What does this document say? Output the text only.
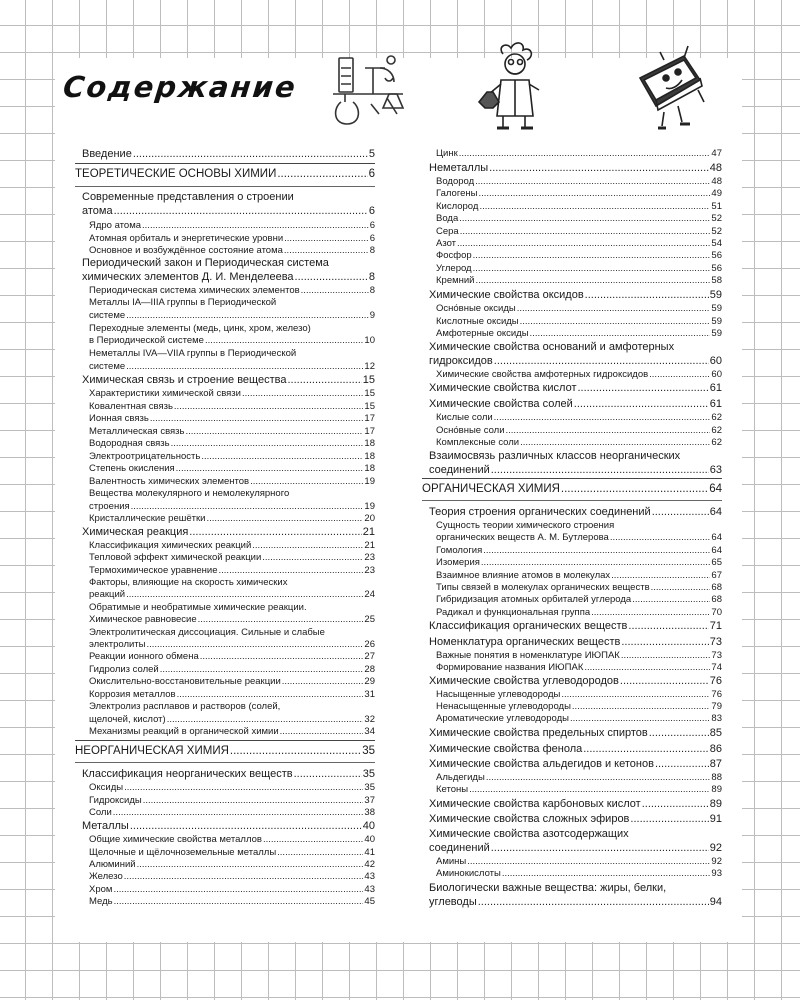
Содержание
Введение .....	5
ТЕОРЕТИЧЕСКИЕ ОСНОВЫ ХИМИИ .....	6
Современные представления о строении
атома .....	6
Ядро атома .....	6
Атомная орбиталь и энергетические уровни .....	6
Основное и возбуждённое состояние атома .....	8
Периодический закон и Периодическая система
химических элементов Д. И. Менделеева .....	8
Периодическая система химических элементов .....	8
Металлы IA—IIIA группы в Периодической
системе .....	9
Переходные элементы (медь, цинк, хром, железо)
в Периодической системе .....	10
Неметаллы IVA—VIIA группы в Периодической
системе .....	12
Химическая связь и строение вещества .....	15
Характеристики химической связи .....	15
Ковалентная связь .....	15
Ионная связь .....	17
Металлическая связь .....	17
Водородная связь .....	18
Электроотрицательность .....	18
Степень окисления .....	18
Валентность химических элементов .....	19
Вещества молекулярного и немолекулярного
строения .....	19
Кристаллические решётки .....	20
Химическая реакция .....	21
Классификация химических реакций .....	21
Тепловой эффект химической реакции .....	23
Термохимическое уравнение .....	23
Факторы, влияющие на скорость химических
реакций .....	24
Обратимые и необратимые химические реакции.
Химическое равновесие .....	25
Электролитическая диссоциация. Сильные и слабые
электролиты .....	26
Реакции ионного обмена .....	27
Гидролиз солей .....	28
Окислительно-восстановительные реакции .....	29
Коррозия металлов .....	31
Электролиз расплавов и растворов (солей,
щелочей, кислот) .....	32
Механизмы реакций в органической химии .....	34
НЕОРГАНИЧЕСКАЯ ХИМИЯ .....	35
Классификация неорганических веществ .....	35
Оксиды .....	35
Гидроксиды .....	37
Соли .....	38
Металлы .....	40
Общие химические свойства металлов .....	40
Щелочные и щёлочноземельные металлы .....	41
Алюминий .....	42
Железо .....	43
Хром .....	43
Медь .....	45
Цинк .....	47
Неметаллы .....	48
Водород .....	48
Галогены .....	49
Кислород .....	51
Вода .....	52
Сера .....	52
Азот .....	54
Фосфор .....	56
Углерод .....	56
Кремний .....	58
Химические свойства оксидов .....	59
Осно́вные оксиды .....	59
Кислотные оксиды .....	59
Амфотерные оксиды .....	59
Химические свойства оснований и амфотерных
гидроксидов .....	60
Химические свойства амфотерных гидроксидов .....	60
Химические свойства кислот .....	61
Химические свойства солей .....	61
Кислые соли .....	62
Осно́вные соли .....	62
Комплексные соли .....	62
Взаимосвязь различных классов неорганических
соединений .....	63
ОРГАНИЧЕСКАЯ ХИМИЯ .....	64
Теория строения органических соединений .....	64
Сущность теории химического строения
органических веществ А. М. Бутлерова .....	64
Гомология .....	64
Изомерия .....	65
Взаимное влияние атомов в молекулах .....	67
Типы связей в молекулах органических веществ .....	68
Гибридизация атомных орбиталей углерода .....	68
Радикал и функциональная группа .....	70
Классификация органических веществ .....	71
Номенклатура органических веществ .....	73
Важные понятия в номенклатуре ИЮПАК .....	73
Формирование названия ИЮПАК .....	74
Химические свойства углеводородов .....	76
Насыщенные углеводороды .....	76
Ненасыщенные углеводороды .....	79
Ароматические углеводороды .....	83
Химические свойства предельных спиртов .....	85
Химические свойства фенола .....	86
Химические свойства альдегидов и кетонов .....	87
Альдегиды .....	88
Кетоны .....	89
Химические свойства карбоновых кислот .....	89
Химические свойства сложных эфиров .....	91
Химические свойства азотсодержащих
соединений .....	92
Амины .....	92
Аминокислоты .....	93
Биологически важные вещества: жиры, белки,
углеводы .....	94
